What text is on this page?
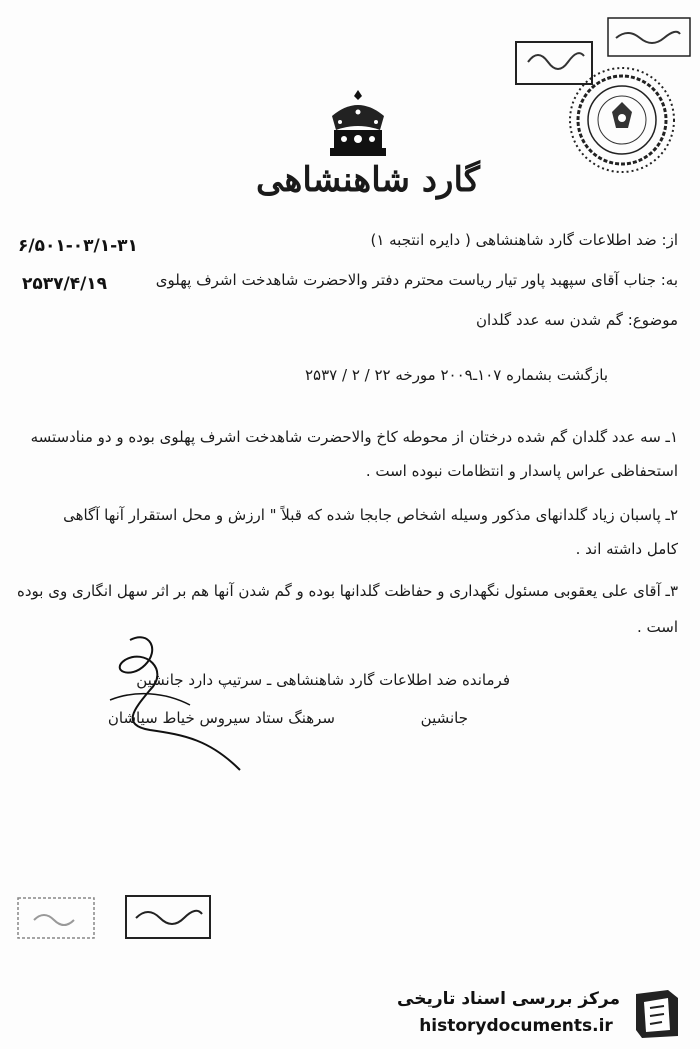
گارد شاهنشاهی
۶/۵۰۱-۰۳/۱-۳۱
۲۵۳۷/۴/۱۹
از: ضد اطلاعات گارد شاهنشاهی ( دایره انتجبه ۱)
به: جناب آقای سپهبد پاور تیار ریاست محترم دفتر والاحضرت شاهدخت اشرف پهلوی
موضوع: گم شدن سه عدد گلدان
بازگشت بشماره ۱۰۷ـ۲۰۰۹ مورخه ۲۲ / ۲ / ۲۵۳۷
۱ـ سه عدد گلدان گم شده درختان از محوطه کاخ والاحضرت شاهدخت اشرف پهلوی بوده و دو منادستسه
استحفاظی عراس پاسدار و انتظامات نبوده است .
۲ـ پاسبان زیاد گلدانهای مذکور وسیله اشخاص جابجا شده که قبلاً " ارزش و محل استقرار آنها آگاهی
کامل داشته اند .
۳ـ آقای علی یعقوبی مسئول نگهداری و حفاظت گلدانها بوده و گم شدن آنها هم بر اثر سهل انگاری وی بوده
است .
فرمانده ضد اطلاعات گارد شاهنشاهی ـ سرتیپ دارد جانشین
جانشین
سرهنگ ستاد سیروس خیاط سیاشان
مرکز بررسی اسناد تاریخی
historydocuments.ir
